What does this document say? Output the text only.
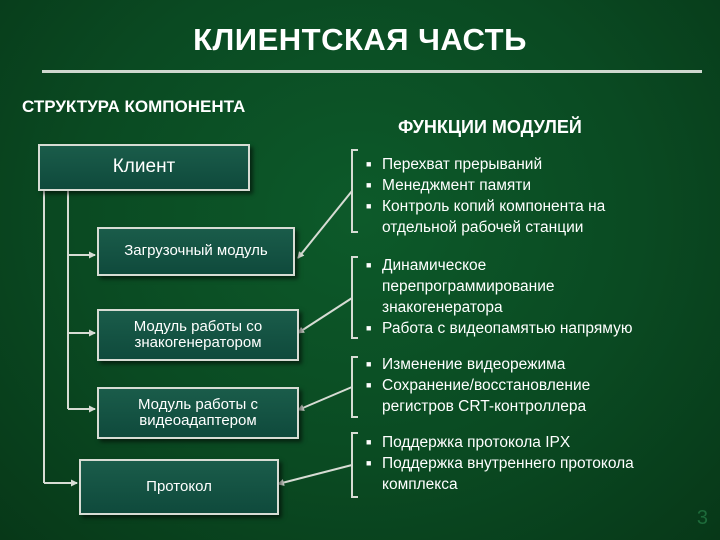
КЛИЕНТСКАЯ ЧАСТЬ
СТРУКТУРА КОМПОНЕНТА
ФУНКЦИИ МОДУЛЕЙ
Клиент
Загрузочный модуль
Модуль работы со знакогенератором
Модуль работы с видеоадаптером
Протокол
■ Перехват прерываний
■ Менеджмент памяти
■ Контроль копий компонента на
отдельной рабочей станции
■ Динамическое
перепрограммирование
знакогенератора
■ Работа с видеопамятью напрямую
■ Изменение видеорежима
■ Сохранение/восстановление
регистров CRT-контроллера
■ Поддержка протокола IPX
■ Поддержка внутреннего протокола
комплекса
3
